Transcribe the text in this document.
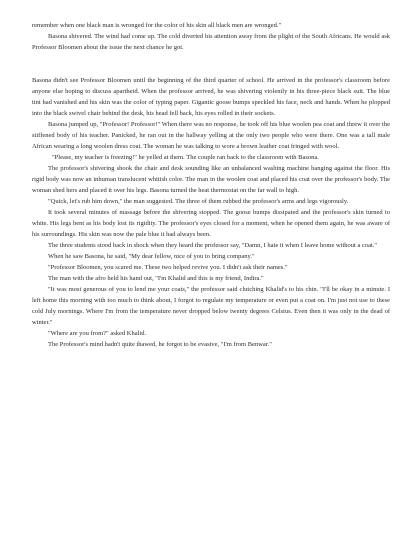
remember when one black man is wronged for the color of his skin all black men are wronged."

Basona shivered. The wind had come up. The cold diverted his attention away from the plight of the South Africans. He would ask Professor Bloomen about the issue the next chance he got.

Basona didn't see Professor Bloomen until the beginning of the third quarter of school. He arrived in the professor's classroom before anyone else hoping to discuss apartheid. When the professor arrived, he was shivering violently in his three-piece black suit. The blue tint had vanished and his skin was the color of typing paper. Gigantic goose bumps speckled his face, neck and hands. When he plopped into the black swivel chair behind the desk, his head fell back, his eyes rolled in their sockets.

Basona jumped up, "Professor! Professor!" When there was no response, he took off his blue woolen pea coat and threw it over the stiffened body of his teacher. Panicked, he ran out in the hallway yelling at the only two people who were there. One was a tall male African wearing a long woolen dress coat. The woman he was talking to wore a brown leather coat fringed with wool.

"Please, my teacher is freezing!" he yelled at them. The couple ran back to the classroom with Basona.

The professor's shivering shook the chair and desk sounding like an unbalanced washing machine banging against the floor. His rigid body was now an inhuman translucent whitish color. The man in the woolen coat and placed his coat over the professor's body. The woman shed hers and placed it over his legs. Basona turned the heat thermostat on the far wall to high.

"Quick, let's rub him down," the man suggested. The three of them rubbed the professor's arms and legs vigorously.

It took several minutes of massage before the shivering stopped. The goose bumps dissipated and the professor's skin turned to white. His legs bent as his body lost its rigidity. The professor's eyes closed for a moment, when he opened them again, he was aware of his surroundings. His skin was now the pale blue it had always been.

The three students stood back in shock when they heard the professor say, "Damn, I hate it when I leave home without a coat."

When he saw Basona, he said, "My dear fellow, nice of you to bring company."

"Professor Bloomen, you scared me. These two helped revive you. I didn't ask their names."

The man with the afro held his hand out, "I'm Khalid and this is my friend, Indira."

"It was most generous of you to lend me your coats," the professor said clutching Khalid's to his chin. "I'll be okay in a minute. I left home this morning with too much to think about, I forgot to regulate my temperature or even put a coat on. I'm just not use to these cold July mornings. Where I'm from the temperature never dropped below twenty degrees Celsius. Even then it was only in the dead of winter."

"Where are you from?" asked Khalid.

The Professor's mind hadn't quite thawed, he forgot to be evasive, "I'm from Benwar."
